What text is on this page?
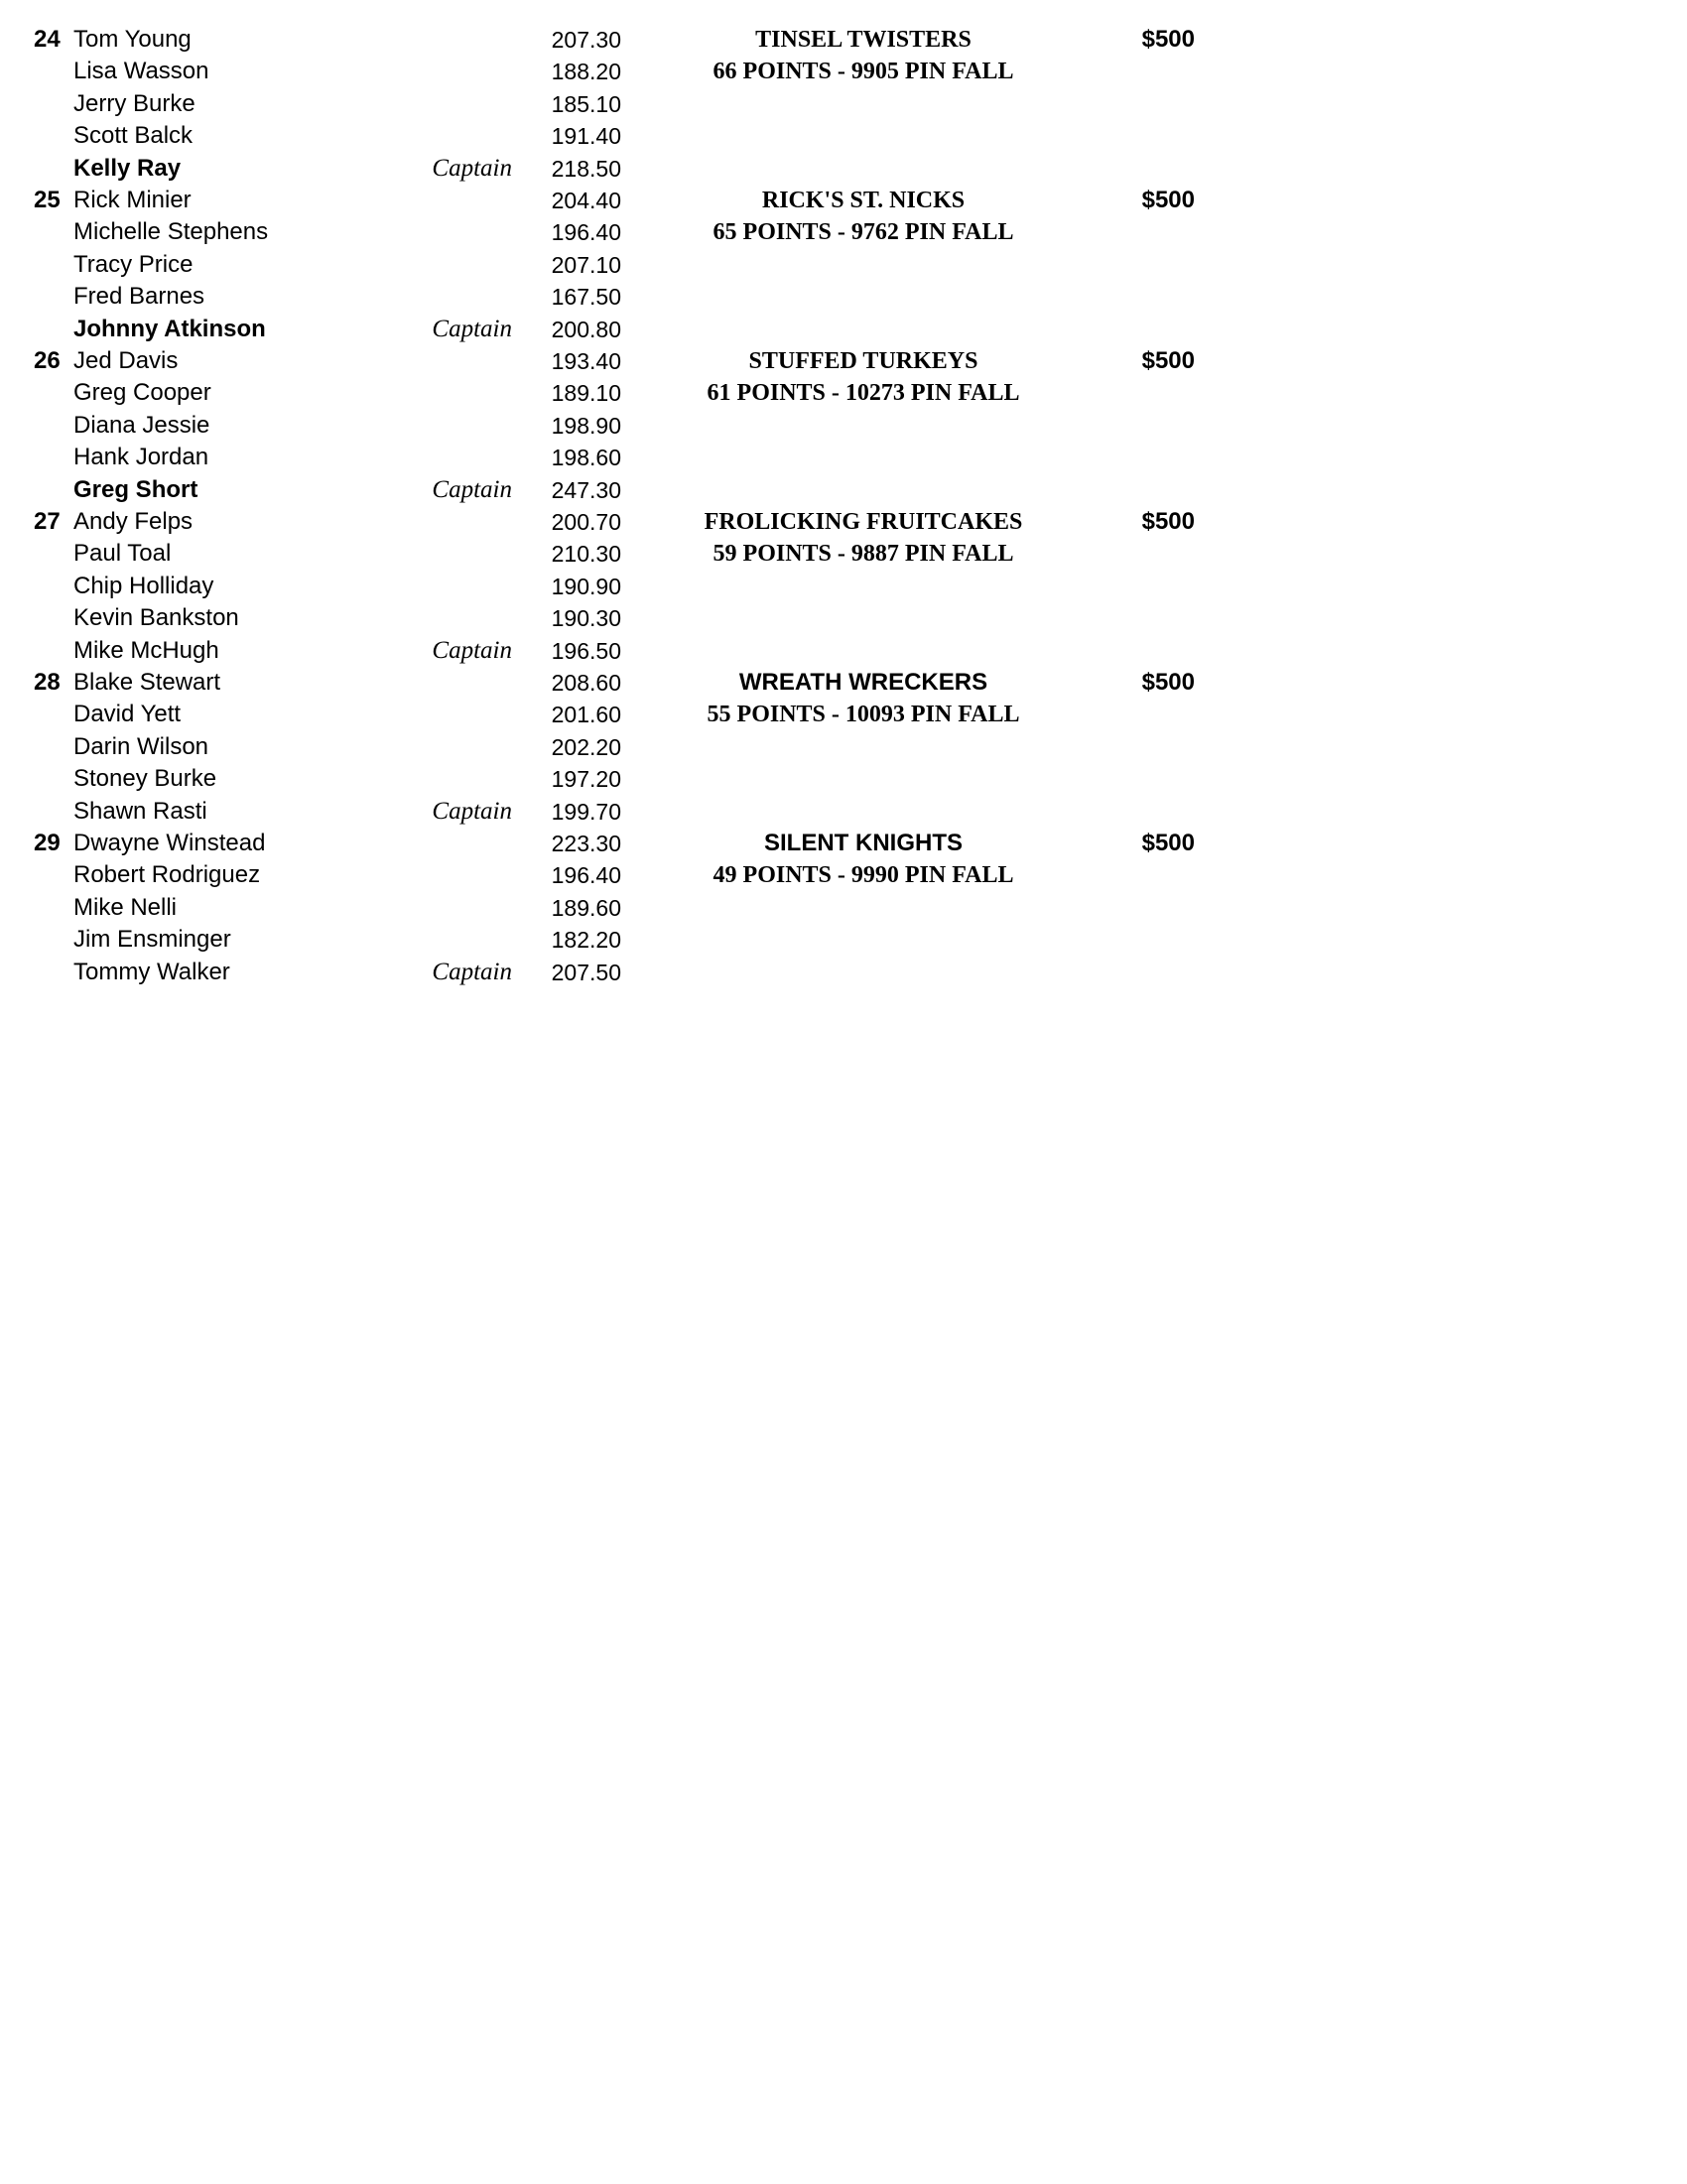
24 Tom Young	207.30	TINSEL TWISTERS	$500
Lisa Wasson	188.20	66 POINTS - 9905 PIN FALL
Jerry Burke	185.10
Scott Balck	191.40
Kelly Ray	Captain	218.50
25 Rick Minier	204.40	RICK'S ST. NICKS	$500
Michelle Stephens	196.40	65 POINTS - 9762 PIN FALL
Tracy Price	207.10
Fred Barnes	167.50
Johnny Atkinson	Captain	200.80
26 Jed Davis	193.40	STUFFED TURKEYS	$500
Greg Cooper	189.10	61 POINTS - 10273 PIN FALL
Diana Jessie	198.90
Hank Jordan	198.60
Greg Short	Captain	247.30
27 Andy Felps	200.70	FROLICKING FRUITCAKES	$500
Paul Toal	210.30	59 POINTS - 9887 PIN FALL
Chip Holliday	190.90
Kevin Bankston	190.30
Mike McHugh	Captain	196.50
28 Blake Stewart	208.60	WREATH WRECKERS	$500
David Yett	201.60	55 POINTS - 10093 PIN FALL
Darin Wilson	202.20
Stoney Burke	197.20
Shawn Rasti	Captain	199.70
29 Dwayne Winstead	223.30	SILENT KNIGHTS	$500
Robert Rodriguez	196.40	49 POINTS - 9990 PIN FALL
Mike Nelli	189.60
Jim Ensminger	182.20
Tommy Walker	Captain	207.50
